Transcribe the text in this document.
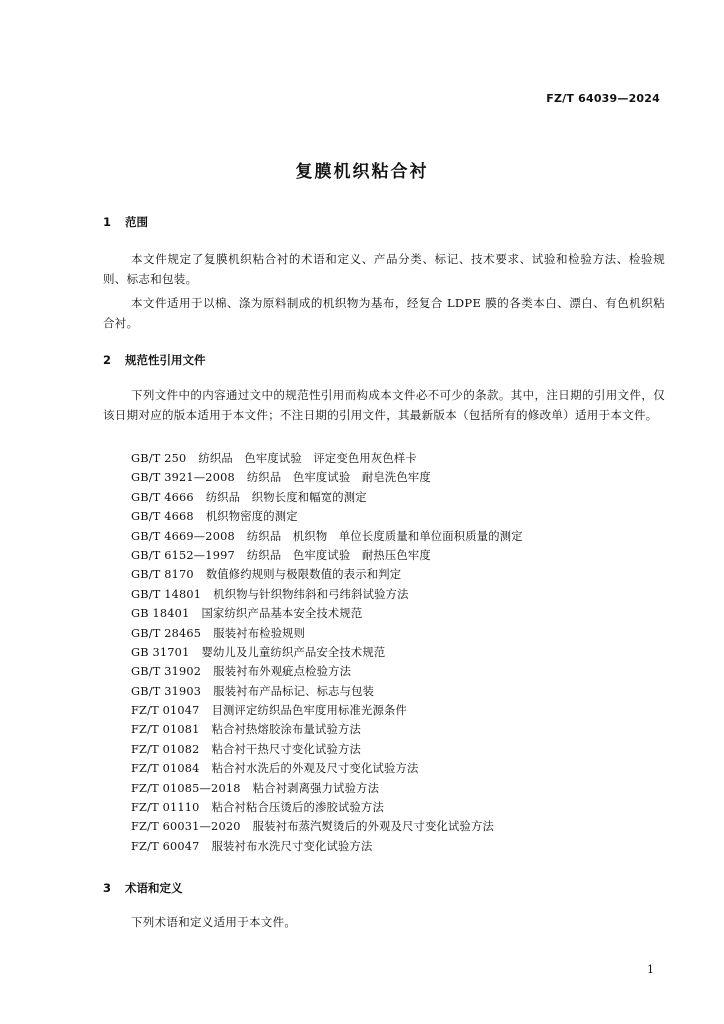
FZ/T 64039—2024
复膜机织粘合衬
1 范围
本文件规定了复膜机织粘合衬的术语和定义、产品分类、标记、技术要求、试验和检验方法、检验规则、标志和包装。
本文件适用于以棉、涤为原料制成的机织物为基布，经复合 LDPE 膜的各类本白、漂白、有色机织粘合衬。
2 规范性引用文件
下列文件中的内容通过文中的规范性引用而构成本文件必不可少的条款。其中，注日期的引用文件，仅该日期对应的版本适用于本文件；不注日期的引用文件，其最新版本（包括所有的修改单）适用于本文件。
GB/T 250 纺织品　色牢度试验　评定变色用灰色样卡
GB/T 3921—2008 纺织品　色牢度试验　耐皂洗色牢度
GB/T 4666 纺织品　织物长度和幅宽的测定
GB/T 4668 机织物密度的测定
GB/T 4669—2008 纺织品　机织物　单位长度质量和单位面积质量的测定
GB/T 6152—1997 纺织品　色牢度试验　耐热压色牢度
GB/T 8170 数值修约规则与极限数值的表示和判定
GB/T 14801 机织物与针织物纬斜和弓纬斜试验方法
GB 18401 国家纺织产品基本安全技术规范
GB/T 28465 服装衬布检验规则
GB 31701 婴幼儿及儿童纺织产品安全技术规范
GB/T 31902 服装衬布外观疵点检验方法
GB/T 31903 服装衬布产品标记、标志与包装
FZ/T 01047 目测评定纺织品色牢度用标准光源条件
FZ/T 01081 粘合衬热熔胶涂布量试验方法
FZ/T 01082 粘合衬干热尺寸变化试验方法
FZ/T 01084 粘合衬水洗后的外观及尺寸变化试验方法
FZ/T 01085—2018 粘合衬剥离强力试验方法
FZ/T 01110 粘合衬粘合压烫后的渗胶试验方法
FZ/T 60031—2020 服装衬布蒸汽熨烫后的外观及尺寸变化试验方法
FZ/T 60047 服装衬布水洗尺寸变化试验方法
3 术语和定义
下列术语和定义适用于本文件。
1
